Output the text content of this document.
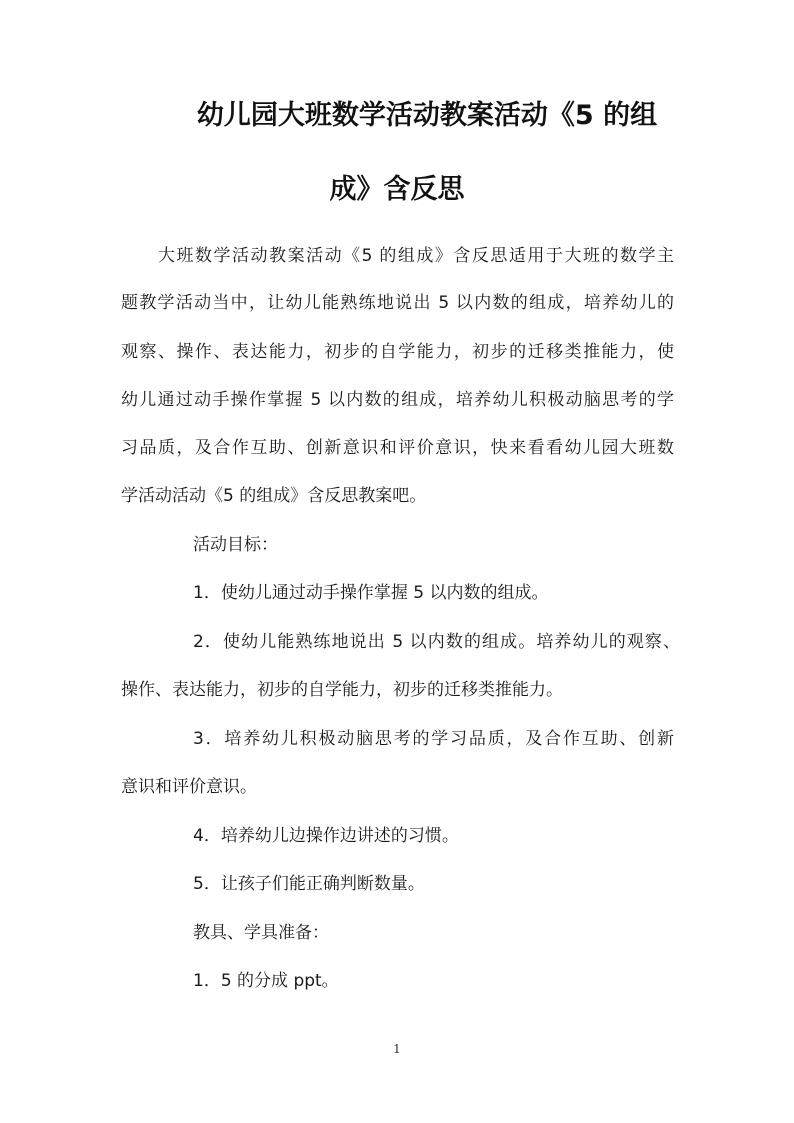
幼儿园大班数学活动教案活动《5 的组
成》含反思
大班数学活动教案活动《5 的组成》含反思适用于大班的数学主
题教学活动当中，让幼儿能熟练地说出 5 以内数的组成，培养幼儿的
观察、操作、表达能力，初步的自学能力，初步的迁移类推能力，使
幼儿通过动手操作掌握 5 以内数的组成，培养幼儿积极动脑思考的学
习品质，及合作互助、创新意识和评价意识，快来看看幼儿园大班数
学活动活动《5 的组成》含反思教案吧。
活动目标：
1．使幼儿通过动手操作掌握 5 以内数的组成。
2．使幼儿能熟练地说出 5 以内数的组成。培养幼儿的观察、
操作、表达能力，初步的自学能力，初步的迁移类推能力。
3．培养幼儿积极动脑思考的学习品质，及合作互助、创新
意识和评价意识。
4．培养幼儿边操作边讲述的习惯。
5．让孩子们能正确判断数量。
教具、学具准备：
1．5 的分成 ppt。
1
